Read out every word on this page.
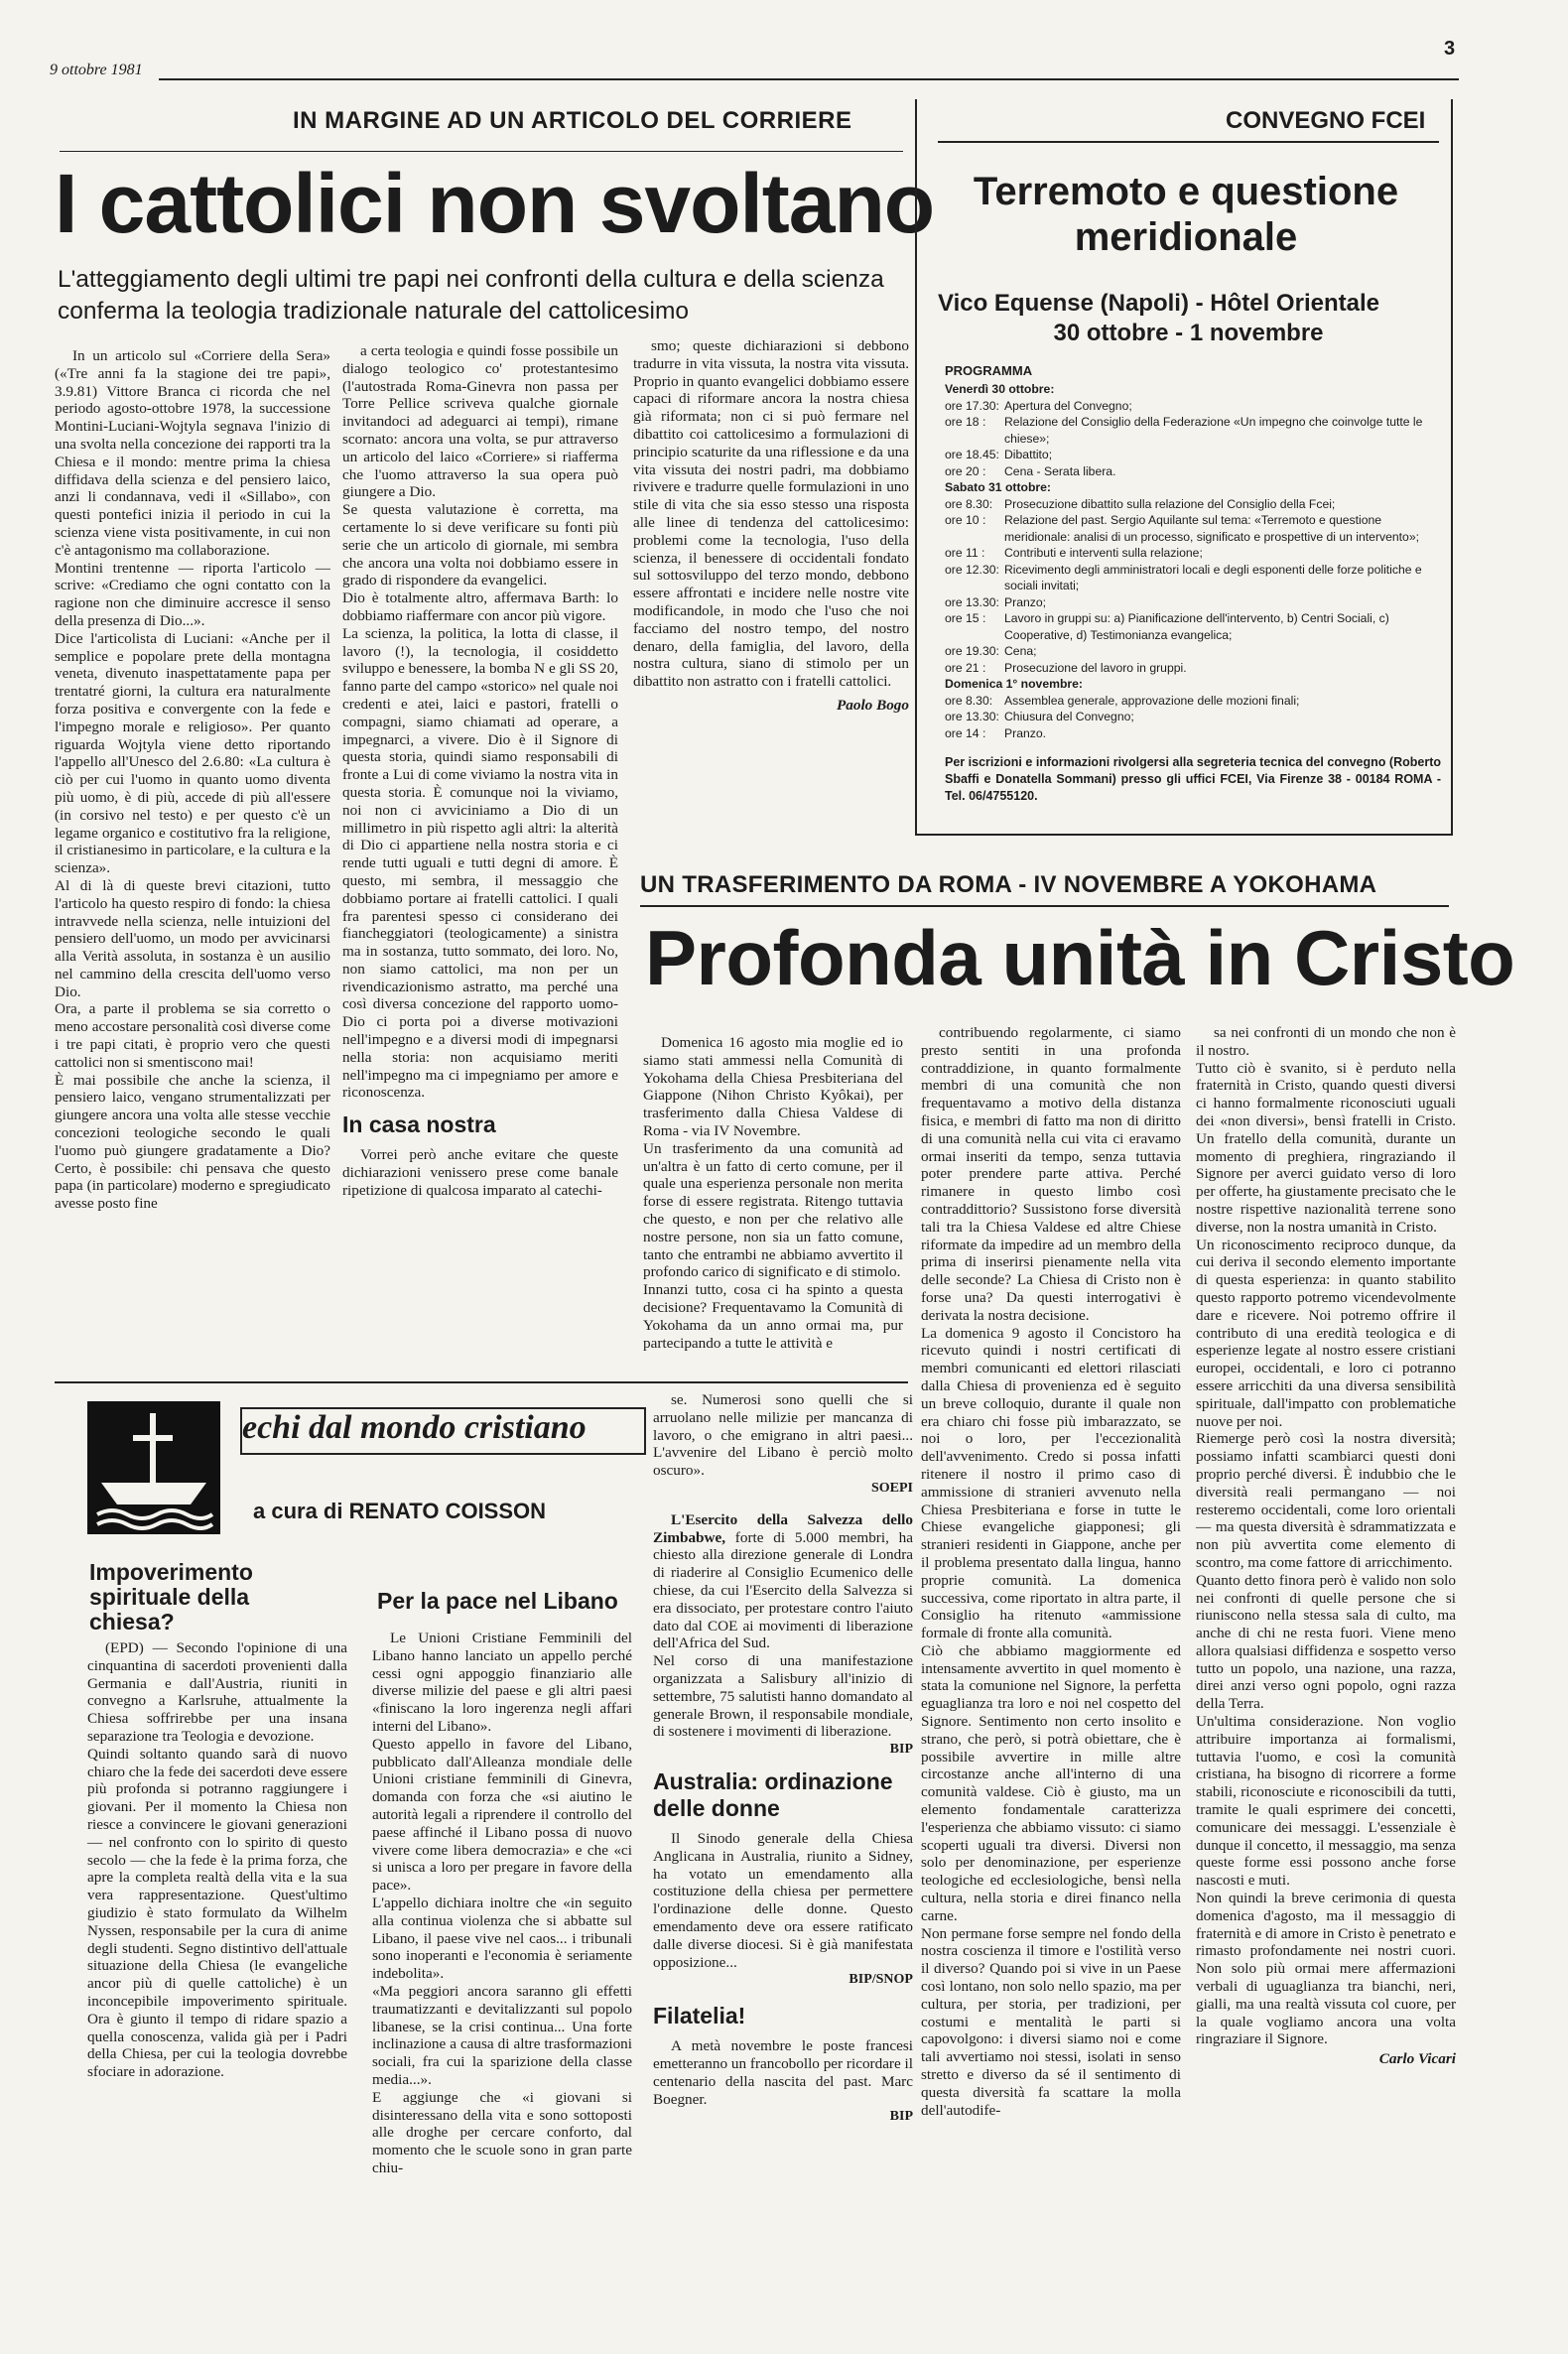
9 ottobre 1981
3
IN MARGINE AD UN ARTICOLO DEL CORRIERE
I cattolici non svoltano
L'atteggiamento degli ultimi tre papi nei confronti della cultura e della scienza conferma la teologia tradizionale naturale del cattolicesimo

In un articolo sul «Corriere della Sera» («Tre anni fa la stagione dei tre papi», 3.9.81) Vittore Branca ci ricorda che nel periodo agosto-ottobre 1978, la successione Montini-Luciani-Wojtyla segnava l'inizio di una svolta nella concezione dei rapporti tra la Chiesa e il mondo: mentre prima la chiesa diffidava della scienza e del pensiero laico, anzi li condannava, vedi il «Sillabo», con questi pontefici inizia il periodo in cui la scienza viene vista positivamente, in cui non c'è antagonismo ma collaborazione.
Montini trentenne — riporta l'articolo — scrive: «Crediamo che ogni contatto con la ragione non che diminuire accresce il senso della presenza di Dio...».
Dice l'articolista di Luciani: «Anche per il semplice e popolare prete della montagna veneta, divenuto inaspettatamente papa per trentatré giorni, la cultura era naturalmente forza positiva e convergente con la fede e l'impegno morale e religioso». Per quanto riguarda Wojtyla viene detto riportando l'appello all'Unesco del 2.6.80: «La cultura è ciò per cui l'uomo in quanto uomo diventa più uomo, è di più, accede di più all'essere (in corsivo nel testo) e per questo c'è un legame organico e costitutivo fra la religione, il cristianesimo in particolare, e la cultura e la scienza».
Al di là di queste brevi citazioni, tutto l'articolo ha questo respiro di fondo: la chiesa intravvede nella scienza, nelle intuizioni del pensiero dell'uomo, un modo per avvicinarsi alla Verità assoluta, in sostanza è un ausilio nel cammino della crescita dell'uomo verso Dio.
Ora, a parte il problema se sia corretto o meno accostare personalità così diverse come i tre papi citati, è proprio vero che questi cattolici non si smentiscono mai!
È mai possibile che anche la scienza, il pensiero laico, vengano strumentalizzati per giungere ancora una volta alle stesse vecchie concezioni teologiche secondo le quali l'uomo può giungere gradatamente a Dio? Certo, è possibile: chi pensava che questo papa (in particolare) moderno e spregiudicato avesse posto fine

a certa teologia e quindi fosse possibile un dialogo teologico co' protestantesimo (l'autostrada Roma-Ginevra non passa per Torre Pellice scriveva qualche giornale invitandoci ad adeguarci ai tempi), rimane scornato: ancora una volta, se pur attraverso un articolo del laico «Corriere» si riafferma che l'uomo attraverso la sua opera può giungere a Dio.
Se questa valutazione è corretta, ma certamente lo si deve verificare su fonti più serie che un articolo di giornale, mi sembra che ancora una volta noi dobbiamo essere in grado di rispondere da evangelici.
Dio è totalmente altro, affermava Barth: lo dobbiamo riaffermare con ancor più vigore.
La scienza, la politica, la lotta di classe, il lavoro (!), la tecnologia, il cosiddetto sviluppo e benessere, la bomba N e gli SS 20, fanno parte del campo «storico» nel quale noi credenti e atei, laici e pastori, fratelli o compagni, siamo chiamati ad operare, a impegnarci, a vivere. Dio è il Signore di questa storia, quindi siamo responsabili di fronte a Lui di come viviamo la nostra vita in questa storia. È comunque noi la viviamo, noi non ci avviciniamo a Dio di un millimetro in più rispetto agli altri: la alterità di Dio ci appartiene nella nostra storia e ci rende tutti uguali e tutti degni di amore. È questo, mi sembra, il messaggio che dobbiamo portare ai fratelli cattolici. I quali fra parentesi spesso ci considerano dei fiancheggiatori (teologicamente) a sinistra ma in sostanza, tutto sommato, dei loro. No, non siamo cattolici, ma non per un rivendicazionismo astratto, ma perché una così diversa concezione del rapporto uomo-Dio ci porta poi a diverse motivazioni nell'impegno e a diversi modi di impegnarsi nella storia: non acquisiamo meriti nell'impegno ma ci impegniamo per amore e riconoscenza.

In casa nostra

Vorrei però anche evitare che queste dichiarazioni venissero prese come banale ripetizione di qualcosa imparato al catechi-

smo; queste dichiarazioni si debbono tradurre in vita vissuta, la nostra vita vissuta. Proprio in quanto evangelici dobbiamo essere capaci di riformare ancora la nostra chiesa già riformata; non ci si può fermare nel dibattito coi cattolicesimo a formulazioni di principio scaturite da una riflessione e da una vita vissuta dei nostri padri, ma dobbiamo rivivere e tradurre quelle formulazioni in uno stile di vita che sia esso stesso una risposta alle linee di tendenza del cattolicesimo: problemi come la tecnologia, l'uso della scienza, il benessere di occidentali fondato sul sottosviluppo del terzo mondo, debbono essere affrontati e incidere nelle nostre vite modificandole, in modo che l'uso che noi facciamo del nostro tempo, del nostro denaro, della famiglia, del lavoro, della nostra cultura, siano di stimolo per un dibattito non astratto con i fratelli cattolici.

Paolo Bogo

CONVEGNO FCEI
Terremoto e questione meridionale
Vico Equense (Napoli) - Hôtel Orientale
30 ottobre - 1 novembre
PROGRAMMA
Venerdì 30 ottobre:
ore 17.30: Apertura del Convegno;
ore 18 :	Relazione del Consiglio della Federazione «Un impegno che coinvolge tutte le chiese»;
ore 18.45: Dibattito;
ore 20 :	Cena - Serata libera.
Sabato 31 ottobre:
ore 8.30: Prosecuzione dibattito sulla relazione del Consiglio della Fcei;
ore 10 :	Relazione del past. Sergio Aquilante sul tema: «Terremoto e questione meridionale: analisi di un processo, significato e prospettive di un intervento»;
ore 11 :	Contributi e interventi sulla relazione;
ore 12.30: Ricevimento degli amministratori locali e degli esponenti delle forze politiche e sociali invitati;
ore 13.30: Pranzo;
ore 15 :	Lavoro in gruppi su: a) Pianificazione dell'intervento, b) Centri Sociali, c) Cooperative, d) Testimonianza evangelica;
ore 19.30: Cena;
ore 21 :	Prosecuzione del lavoro in gruppi.
Domenica 1° novembre:
ore 8.30: Assemblea generale, approvazione delle mozioni finali;
ore 13.30: Chiusura del Convegno;
ore 14 :	Pranzo.
Per iscrizioni e informazioni rivolgersi alla segreteria tecnica del convegno (Roberto Sbaffi e Donatella Sommani) presso gli uffici FCEI, Via Firenze 38 - 00184 ROMA - Tel. 06/4755120.
UN TRASFERIMENTO DA ROMA - IV NOVEMBRE A YOKOHAMA
Profonda unità in Cristo

Domenica 16 agosto mia moglie ed io siamo stati ammessi nella Comunità di Yokohama della Chiesa Presbiteriana del Giappone (Nihon Christo Kyôkai), per trasferimento dalla Chiesa Valdese di Roma - via IV Novembre.
Un trasferimento da una comunità ad un'altra è un fatto di certo comune, per il quale una esperienza personale non merita forse di essere registrata. Ritengo tuttavia che questo, e non per che relativo alle nostre persone, non sia un fatto comune, tanto che entrambi ne abbiamo avvertito il profondo carico di significato e di stimolo.
Innanzi tutto, cosa ci ha spinto a questa decisione? Frequentavamo la Comunità di Yokohama da un anno ormai ma, pur partecipando a tutte le attività e

contribuendo regolarmente, ci siamo presto sentiti in una profonda contraddizione, in quanto formalmente membri di una comunità che non frequentavamo a motivo della distanza fisica, e membri di fatto ma non di diritto di una comunità nella cui vita ci eravamo ormai inseriti da tempo, senza tuttavia poter prendere parte attiva. Perché rimanere in questo limbo così contraddittorio? Sussistono forse diversità tali tra la Chiesa Valdese ed altre Chiese riformate da impedire ad un membro della prima di inserirsi pienamente nella vita delle seconde? La Chiesa di Cristo non è forse una? Da questi interrogativi è derivata la nostra decisione.
La domenica 9 agosto il Concistoro ha ricevuto quindi i nostri certificati di membri comunicanti ed elettori rilasciati dalla Chiesa di provenienza ed è seguito un breve colloquio, durante il quale non era chiaro chi fosse più imbarazzato, se noi o loro, per l'eccezionalità dell'avvenimento. Credo si possa infatti ritenere il nostro il primo caso di ammissione di stranieri avvenuto nella Chiesa Presbiteriana e forse in tutte le Chiese evangeliche giapponesi; gli stranieri residenti in Giappone, anche per il problema presentato dalla lingua, hanno proprie comunità. La domenica successiva, come riportato in altra parte, il Consiglio ha ritenuto «ammissione formale di fronte alla comunità.
Ciò che abbiamo maggiormente ed intensamente avvertito in quel momento è stata la comunione nel Signore, la perfetta eguaglianza tra loro e noi nel cospetto del Signore. Sentimento non certo insolito e strano, che però, si potrà obiettare, che è possibile avvertire in mille altre circostanze anche all'interno di una comunità valdese. Ciò è giusto, ma un elemento fondamentale caratterizza l'esperienza che abbiamo vissuto: ci siamo scoperti uguali tra diversi. Diversi non solo per denominazione, per esperienze teologiche ed ecclesiologiche, bensì nella cultura, nella storia e direi financo nella carne.
Non permane forse sempre nel fondo della nostra coscienza il timore e l'ostilità verso il diverso? Quando poi si vive in un Paese così lontano, non solo nello spazio, ma per cultura, per storia, per tradizioni, per costumi e mentalità le parti si capovolgono: i diversi siamo noi e come tali avvertiamo noi stessi, isolati in senso stretto e diverso da sé il sentimento di questa diversità fa scattare la molla dell'autodife-

sa nei confronti di un mondo che non è il nostro.
Tutto ciò è svanito, si è perduto nella fraternità in Cristo, quando questi diversi ci hanno formalmente riconosciuti uguali dei «non diversi», bensì fratelli in Cristo. Un fratello della comunità, durante un momento di preghiera, ringraziando il Signore per averci guidato verso di loro per offerte, ha giustamente precisato che le nostre rispettive nazionalità terrene sono diverse, non la nostra umanità in Cristo.
Un riconoscimento reciproco dunque, da cui deriva il secondo elemento importante di questa esperienza: in quanto stabilito questo rapporto potremo vicendevolmente dare e ricevere. Noi potremo offrire il contributo di una eredità teologica e di esperienze legate al nostro essere cristiani europei, occidentali, e loro ci potranno essere arricchiti da una diversa sensibilità spirituale, dall'impatto con problematiche nuove per noi.
Riemerge però così la nostra diversità; possiamo infatti scambiarci questi doni proprio perché diversi. È indubbio che le diversità reali permangano — noi resteremo occidentali, come loro orientali — ma questa diversità è sdrammatizzata e non più avvertita come elemento di scontro, ma come fattore di arricchimento.
Quanto detto finora però è valido non solo nei confronti di quelle persone che si riuniscono nella stessa sala di culto, ma anche di chi ne resta fuori. Viene meno allora qualsiasi diffidenza e sospetto verso tutto un popolo, una nazione, una razza, direi anzi verso ogni popolo, ogni razza della Terra.
Un'ultima considerazione. Non voglio attribuire importanza ai formalismi, tuttavia l'uomo, e così la comunità cristiana, ha bisogno di ricorrere a forme stabili, riconosciute e riconoscibili da tutti, tramite le quali esprimere dei concetti, comunicare dei messaggi. L'essenziale è dunque il concetto, il messaggio, ma senza queste forme essi possono anche forse nascosti e muti.
Non quindi la breve cerimonia di questa domenica d'agosto, ma il messaggio di fraternità e di amore in Cristo è penetrato e rimasto profondamente nei nostri cuori. Non solo più ormai mere affermazioni verbali di uguaglianza tra bianchi, neri, gialli, ma una realtà vissuta col cuore, per la quale vogliamo ancora una volta ringraziare il Signore.

Carlo Vicari

echi dal mondo cristiano
a cura di RENATO COISSON
Impoverimento spirituale della chiesa?

(EPD) — Secondo l'opinione di una cinquantina di sacerdoti provenienti dalla Germania e dall'Austria, riuniti in convegno a Karlsruhe, attualmente la Chiesa soffrirebbe per una insana separazione tra Teologia e devozione.
Quindi soltanto quando sarà di nuovo chiaro che la fede dei sacerdoti deve essere più profonda si potranno raggiungere i giovani. Per il momento la Chiesa non riesce a convincere le giovani generazioni — nel confronto con lo spirito di questo secolo — che la fede è la prima forza, che apre la completa realtà della vita e la sua vera rappresentazione. Quest'ultimo giudizio è stato formulato da Wilhelm Nyssen, responsabile per la cura di anime degli studenti. Segno distintivo dell'attuale situazione della Chiesa (le evangeliche ancor più di quelle cattoliche) è un inconcepibile impoverimento spirituale. Ora è giunto il tempo di ridare spazio a quella conoscenza, valida già per i Padri della Chiesa, per cui la teologia dovrebbe sfociare in adorazione.

Per la pace nel Libano

Le Unioni Cristiane Femminili del Libano hanno lanciato un appello perché cessi ogni appoggio finanziario alle diverse milizie del paese e gli altri paesi «finiscano la loro ingerenza negli affari interni del Libano».
Questo appello in favore del Libano, pubblicato dall'Alleanza mondiale delle Unioni cristiane femminili di Ginevra, domanda con forza che «si aiutino le autorità legali a riprendere il controllo del paese affinché il Libano possa di nuovo vivere come libera democrazia» e che «ci si unisca a loro per pregare in favore della pace».
L'appello dichiara inoltre che «in seguito alla continua violenza che si abbatte sul Libano, il paese vive nel caos... i tribunali sono inoperanti e l'economia è seriamente indebolita».
«Ma peggiori ancora saranno gli effetti traumatizzanti e devitalizzanti sul popolo libanese, se la crisi continua... Una forte inclinazione a causa di altre trasformazioni sociali, fra cui la sparizione della classe media...».
E aggiunge che «i giovani si disinteressano della vita e sono sottoposti alle droghe per cercare conforto, dal momento che le scuole sono in gran parte chiu-

se. Numerosi sono quelli che si arruolano nelle milizie per mancanza di lavoro, o che emigrano in altri paesi... L'avvenire del Libano è perciò molto oscuro».

SOEPI

L'Esercito della Salvezza dello Zimbabwe, forte di 5.000 membri, ha chiesto alla direzione generale di Londra di riaderire al Consiglio Ecumenico delle chiese, da cui l'Esercito della Salvezza si era dissociato, per protestare contro l'aiuto dato dal COE ai movimenti di liberazione dell'Africa del Sud.
Nel corso di una manifestazione organizzata a Salisbury all'inizio di settembre, 75 salutisti hanno domandato al generale Brown, il responsabile mondiale, di sostenere i movimenti di liberazione.

BIP

Australia: ordinazione delle donne

Il Sinodo generale della Chiesa Anglicana in Australia, riunito a Sidney, ha votato un emendamento alla costituzione della chiesa per permettere l'ordinazione delle donne. Questo emendamento deve ora essere ratificato dalle diverse diocesi. Si è già manifestata opposizione...

BIP/SNOP

Filatelia!

A metà novembre le poste francesi emetteranno un francobollo per ricordare il centenario della nascita del past. Marc Boegner.

BIP
